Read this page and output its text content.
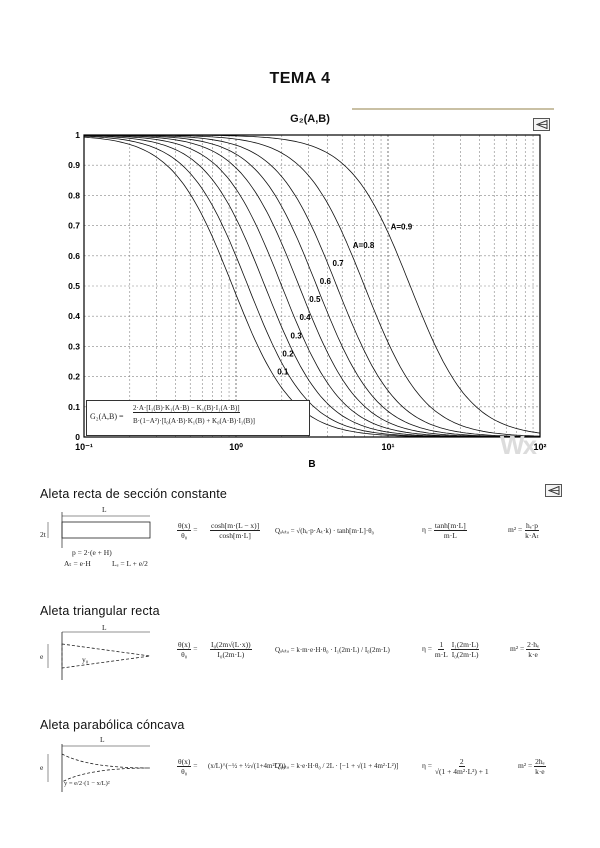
TEMA 4
G₂(A,B)
0
0.1
0.2
0.3
0.4
0.5
0.6
0.7
0.8
0.9
1
10⁻¹	10⁰	10¹	10²
B
0.1
0.2
0.3
0.4
0.5
0.6
0.7
A=0.8
A=0.9
G₂(A,B) =
2·A·[I₁(B)·K₁(A·B) − K₁(B)·I₁(A·B)]
B·(1−A²)·[I₀(A·B)·K₁(B) + K₀(A·B)·I₁(B)]
Wx
Aleta recta de sección constante
L
2t
p = 2·(e + H)
Aₜ = e·H	Lₑ = L + e/2
$\frac{\theta(x)}{\text{θ₀}} = \frac{\cosh[m\cdot(L - x)]}{\cosh[m\cdot L]}$ Qₐₗₑₜₐ = √(hₑ·p·Aₜ·k) · tanh[m·L]·θ₀	$\eta = \frac{\tanh[m\cdot L]}{m\cdot L}$	$m^2 = \frac{\text{hₑ·p}}{\text{k·Aₜ}}$
Aleta triangular recta
L
e	y₀
$\frac{\theta(x)}{\text{θ₀}} = \frac{\text{I₀(2m√(L·x))}}{\text{I₀(2m·L)}}$	Qₐₗₑₜₐ = k·m·e·H·θ₀ · I₁(2m·L) / I₀(2m·L)	$\eta = \frac{1}{m\cdot L}$
$\frac{\text{I₁(2m·L)}}{\text{I₀(2m·L)}}$	$m^2 = \frac{\text{2·hₑ}}{k\cdot e}$
Aleta parabólica cóncava
L
e
y = e/2·(1 − x/L)²
$\frac{\theta(x)}{\text{θ₀}}$ = (x/L)^(−½ + ½√(1+4m²L²))
Qₐₗₑₜₐ = k·e·H·θ₀ / 2L · [−1 + √(1 + 4m²·L²)]	$\eta = \frac{2}{\text{√(1 + 4m²·L²) + 1}}$	$m^2 = \frac{\text{2hₑ}}{k\cdot e}$
